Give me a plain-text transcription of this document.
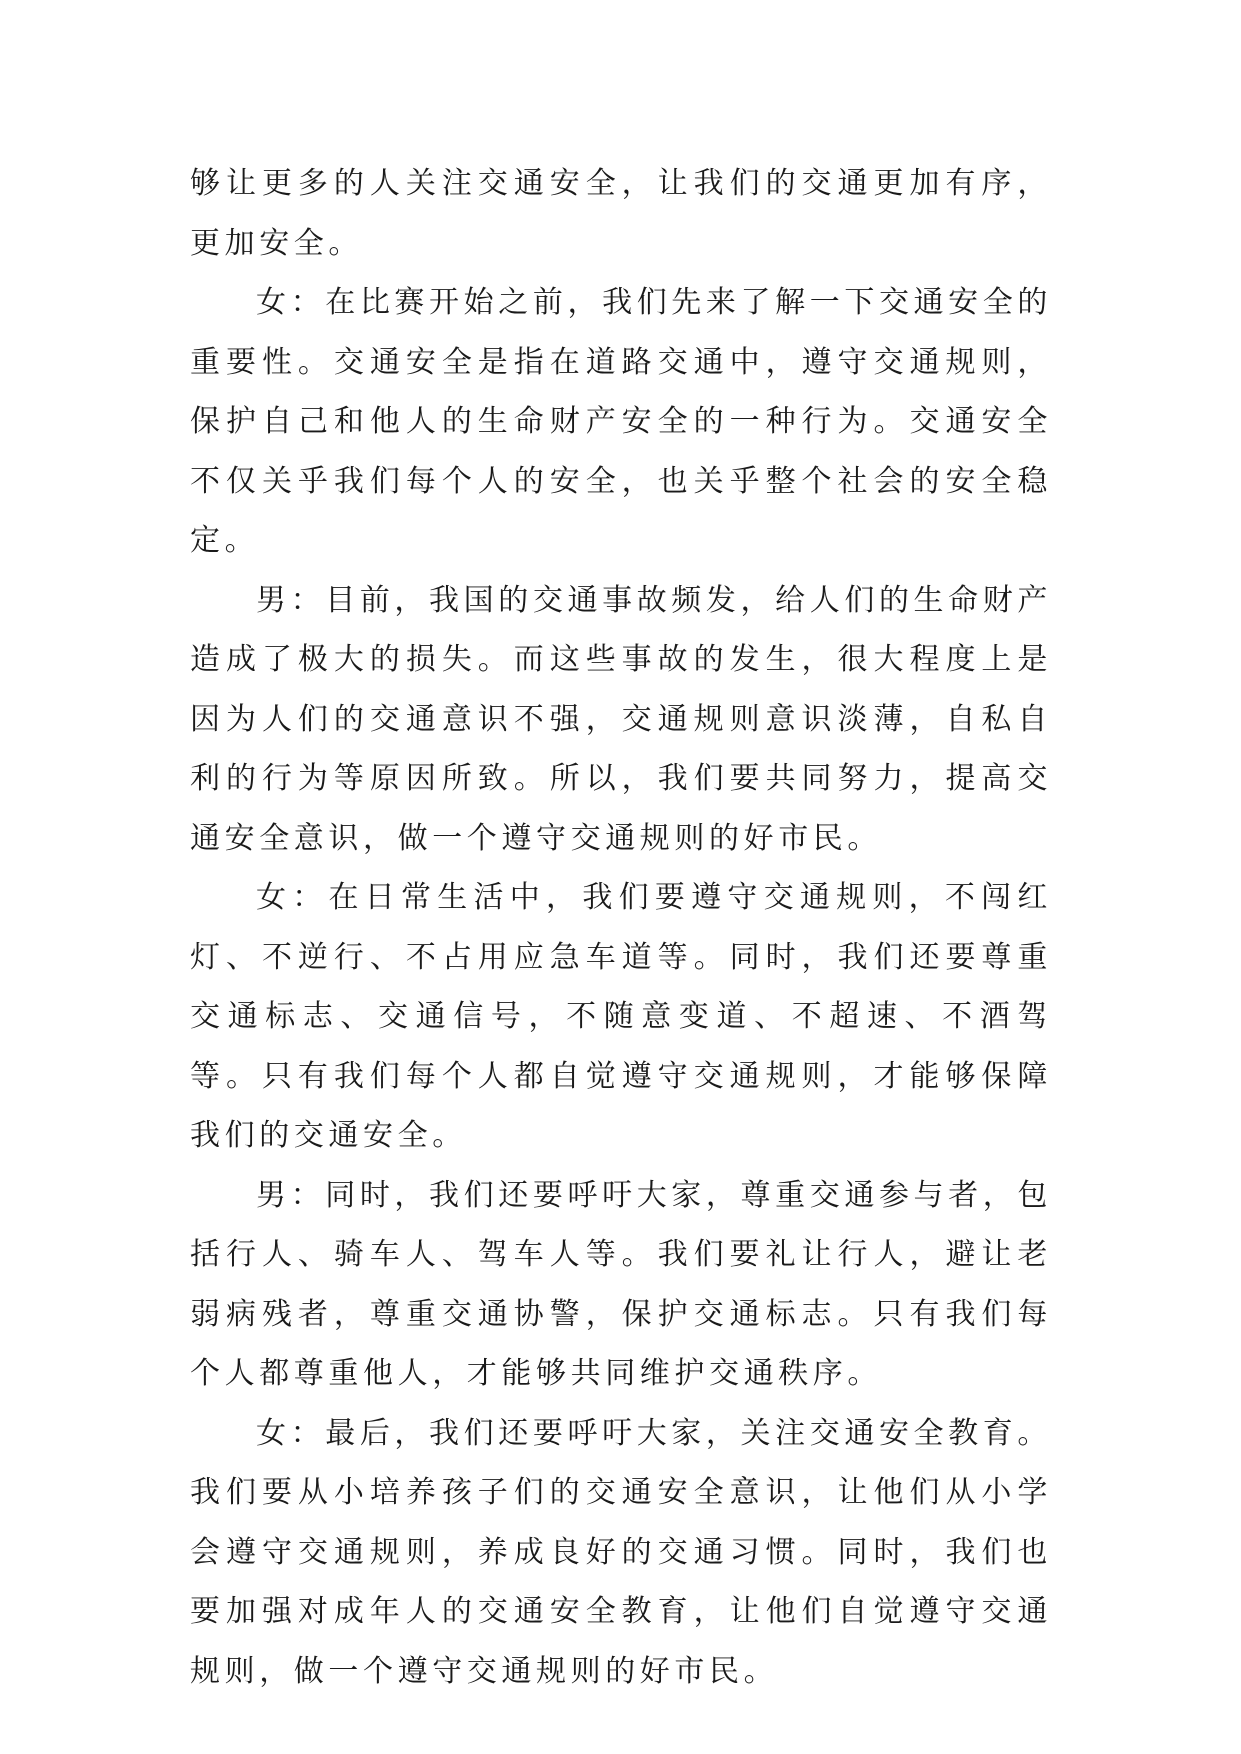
够让更多的人关注交通安全，让我们的交通更加有序，更加安全。

女：在比赛开始之前，我们先来了解一下交通安全的重要性。交通安全是指在道路交通中，遵守交通规则，保护自己和他人的生命财产安全的一种行为。交通安全不仅关乎我们每个人的安全，也关乎整个社会的安全稳定。

男：目前，我国的交通事故频发，给人们的生命财产造成了极大的损失。而这些事故的发生，很大程度上是因为人们的交通意识不强，交通规则意识淡薄，自私自利的行为等原因所致。所以，我们要共同努力，提高交通安全意识，做一个遵守交通规则的好市民。

女：在日常生活中，我们要遵守交通规则，不闯红灯、不逆行、不占用应急车道等。同时，我们还要尊重交通标志、交通信号，不随意变道、不超速、不酒驾等。只有我们每个人都自觉遵守交通规则，才能够保障我们的交通安全。

男：同时，我们还要呼吁大家，尊重交通参与者，包括行人、骑车人、驾车人等。我们要礼让行人，避让老弱病残者，尊重交通协警，保护交通标志。只有我们每个人都尊重他人，才能够共同维护交通秩序。

女：最后，我们还要呼吁大家，关注交通安全教育。我们要从小培养孩子们的交通安全意识，让他们从小学会遵守交通规则，养成良好的交通习惯。同时，我们也要加强对成年人的交通安全教育，让他们自觉遵守交通规则，做一个遵守交通规则的好市民。
